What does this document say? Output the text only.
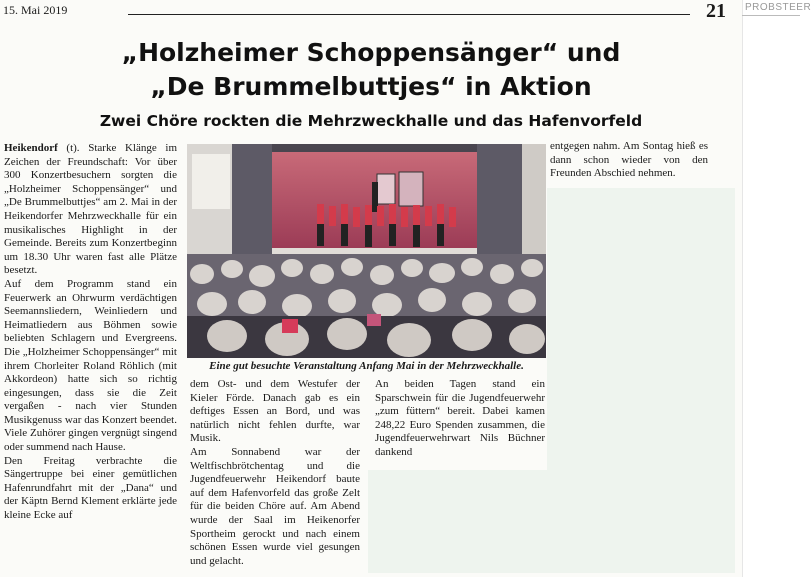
15. Mai 2019	21 PROBSTEER
„Holzheimer Schoppensänger“ und
„De Brummelbuttjes“ in Aktion
Zwei Chöre rockten die Mehrzweckhalle und das Hafenvorfeld

Heikendorf (t). Starke Klänge im Zeichen der Freundschaft: Vor über 300 Konzertbesuchern sorgten die „Holzheimer Schoppensänger“ und „De Brummelbuttjes“ am 2. Mai in der Heikendorfer Mehrzweckhalle für ein musikalisches Highlight in der Gemeinde. Bereits zum Konzertbeginn um 18.30 Uhr waren fast alle Plätze besetzt.

Auf dem Programm stand ein Feuerwerk an Ohrwurm verdächtigen Seemannsliedern, Weinliedern und Heimatliedern aus Böhmen sowie beliebten Schlagern und Evergreens. Die „Holzheimer Schoppensänger“ mit ihrem Chorleiter Roland Röhlich (mit Akkordeon) hatte sich so richtig eingesungen, dass sie die Zeit vergaßen - nach vier Stunden Musikgenuss war das Konzert beendet. Viele Zuhörer gingen vergnügt singend oder summend nach Hause.

Den Freitag verbrachte die Sängertruppe bei einer gemütlichen Hafenrundfahrt mit der „Dana“ und der Käptn Bernd Klement erklärte jede kleine Ecke auf

Eine gut besuchte Veranstaltung Anfang Mai in der Mehrzweckhalle.

dem Ost- und dem Westufer der Kieler Förde. Danach gab es ein deftiges Essen an Bord, und was natürlich nicht fehlen durfte, war Musik.

Am Sonnabend war der Weltfischbrötchentag und die Jugendfeuerwehr Heikendorf baute auf dem Hafenvorfeld das große Zelt für die beiden Chöre auf. Am Abend wurde der Saal im Heikenorfer Sportheim gerockt und nach einem schönen Essen wurde viel gesungen und gelacht.

An beiden Tagen stand ein Sparschwein für die Jugendfeuerwehr „zum füttern“ bereit. Dabei kamen 248,22 Euro Spenden zusammen, die Jugendfeuerwehrwart Nils Büchner dankend

entgegen nahm. Am Sontag hieß es dann schon wieder von den Freunden Abschied nehmen.
